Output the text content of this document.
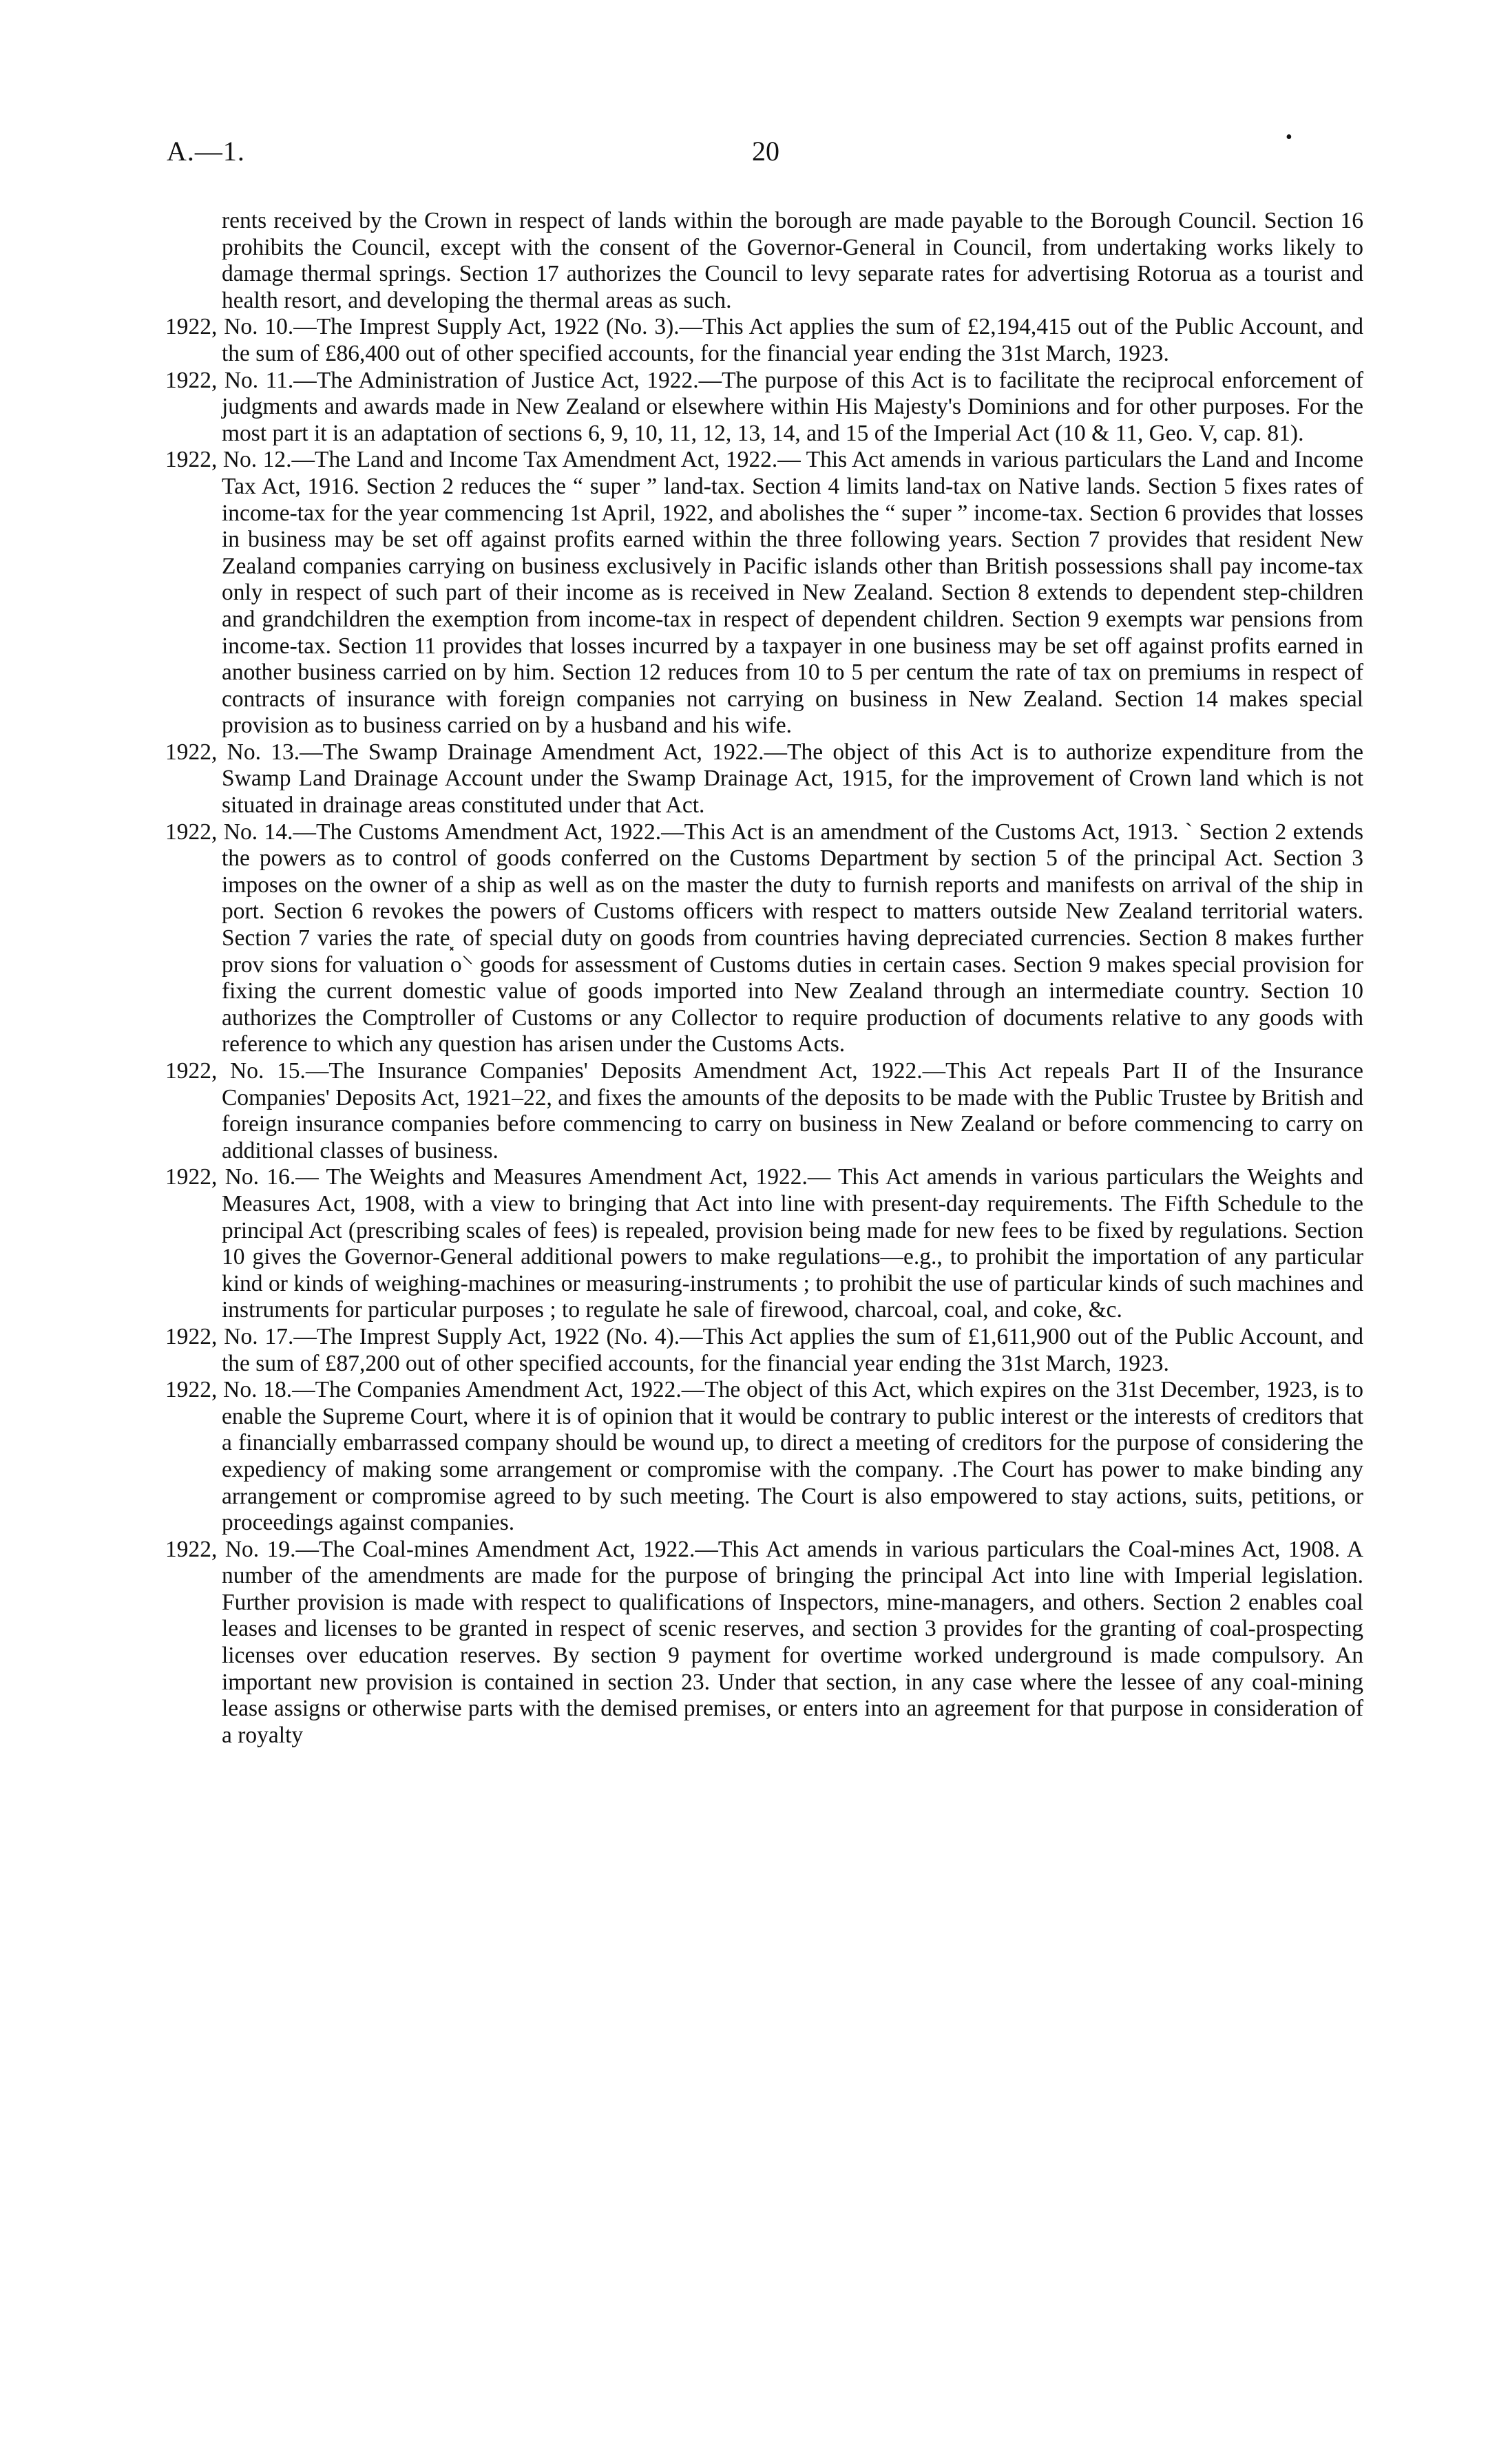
A.—1.	20	•

rents received by the Crown in respect of lands within the borough are made payable to the Borough Council. Section 16 prohibits the Council, except with the consent of the Governor-General in Council, from undertaking works likely to damage thermal springs. Section 17 authorizes the Council to levy separate rates for advertising Rotorua as a tourist and health resort, and developing the thermal areas as such.

1922, No. 10.—The Imprest Supply Act, 1922 (No. 3).—This Act applies the sum of £2,194,415 out of the Public Account, and the sum of £86,400 out of other specified accounts, for the financial year ending the 31st March, 1923.

1922, No. 11.—The Administration of Justice Act, 1922.—The purpose of this Act is to facilitate the reciprocal enforcement of judgments and awards made in New Zealand or elsewhere within His Majesty's Dominions and for other purposes. For the most part it is an adaptation of sections 6, 9, 10, 11, 12, 13, 14, and 15 of the Imperial Act (10 & 11, Geo. V, cap. 81).

1922, No. 12.—The Land and Income Tax Amendment Act, 1922.— This Act amends in various particulars the Land and Income Tax Act, 1916. Section 2 reduces the “ super ” land-tax. Section 4 limits land-tax on Native lands. Section 5 fixes rates of income-tax for the year commencing 1st April, 1922, and abolishes the “ super ” income-tax. Section 6 provides that losses in business may be set off against profits earned within the three following years. Section 7 provides that resident New Zealand companies carrying on business exclusively in Pacific islands other than British possessions shall pay income-tax only in respect of such part of their income as is received in New Zealand. Section 8 extends to dependent step-children and grandchildren the exemption from income-tax in respect of dependent children. Section 9 exempts war pensions from income-tax. Section 11 provides that losses incurred by a taxpayer in one business may be set off against profits earned in another business carried on by him. Section 12 reduces from 10 to 5 per centum the rate of tax on premiums in respect of contracts of insurance with foreign companies not carrying on business in New Zealand. Section 14 makes special provision as to business carried on by a husband and his wife.

1922, No. 13.—The Swamp Drainage Amendment Act, 1922.—The object of this Act is to authorize expenditure from the Swamp Land Drainage Account under the Swamp Drainage Act, 1915, for the improvement of Crown land which is not situated in drainage areas constituted under that Act.

1922, No. 14.—The Customs Amendment Act, 1922.—This Act is an amendment of the Customs Act, 1913. ` Section 2 extends the powers as to control of goods conferred on the Customs Department by section 5 of the principal Act. Section 3 imposes on the owner of a ship as well as on the master the duty to furnish reports and manifests on arrival of the ship in port. Section 6 revokes the powers of Customs officers with respect to matters outside New Zealand territorial waters. Section 7 varies the rate⸼ of special duty on goods from countries having depreciated currencies. Section 8 makes further prov sions for valuation o⸌ goods for assessment of Customs duties in certain cases. Section 9 makes special provision for fixing the current domestic value of goods imported into New Zealand through an intermediate country. Section 10 authorizes the Comptroller of Customs or any Collector to require production of documents relative to any goods with reference to which any question has arisen under the Customs Acts.

1922, No. 15.—The Insurance Companies' Deposits Amendment Act, 1922.—This Act repeals Part II of the Insurance Companies' Deposits Act, 1921–22, and fixes the amounts of the deposits to be made with the Public Trustee by British and foreign insurance companies before commencing to carry on business in New Zealand or before commencing to carry on additional classes of business.

1922, No. 16.— The Weights and Measures Amendment Act, 1922.— This Act amends in various particulars the Weights and Measures Act, 1908, with a view to bringing that Act into line with present-day requirements. The Fifth Schedule to the principal Act (prescribing scales of fees) is repealed, provision being made for new fees to be fixed by regulations. Section 10 gives the Governor-General additional powers to make regulations—e.g., to prohibit the importation of any particular kind or kinds of weighing-machines or measuring-instruments ; to prohibit the use of particular kinds of such machines and instruments for particular purposes ; to regulate he sale of firewood, charcoal, coal, and coke, &c.

1922, No. 17.—The Imprest Supply Act, 1922 (No. 4).—This Act applies the sum of £1,611,900 out of the Public Account, and the sum of £87,200 out of other specified accounts, for the financial year ending the 31st March, 1923.

1922, No. 18.—The Companies Amendment Act, 1922.—The object of this Act, which expires on the 31st December, 1923, is to enable the Supreme Court, where it is of opinion that it would be contrary to public interest or the interests of creditors that a financially embarrassed company should be wound up, to direct a meeting of creditors for the purpose of considering the expediency of making some arrangement or compromise with the company. .The Court has power to make binding any arrangement or compromise agreed to by such meeting. The Court is also empowered to stay actions, suits, petitions, or proceedings against companies.

1922, No. 19.—The Coal-mines Amendment Act, 1922.—This Act amends in various particulars the Coal-mines Act, 1908. A number of the amendments are made for the purpose of bringing the principal Act into line with Imperial legislation. Further provision is made with respect to qualifications of Inspectors, mine-managers, and others. Section 2 enables coal leases and licenses to be granted in respect of scenic reserves, and section 3 provides for the granting of coal-prospecting licenses over education reserves. By section 9 payment for overtime worked underground is made compulsory. An important new provision is contained in section 23. Under that section, in any case where the lessee of any coal-mining lease assigns or otherwise parts with the demised premises, or enters into an agreement for that purpose in consideration of a royalty
